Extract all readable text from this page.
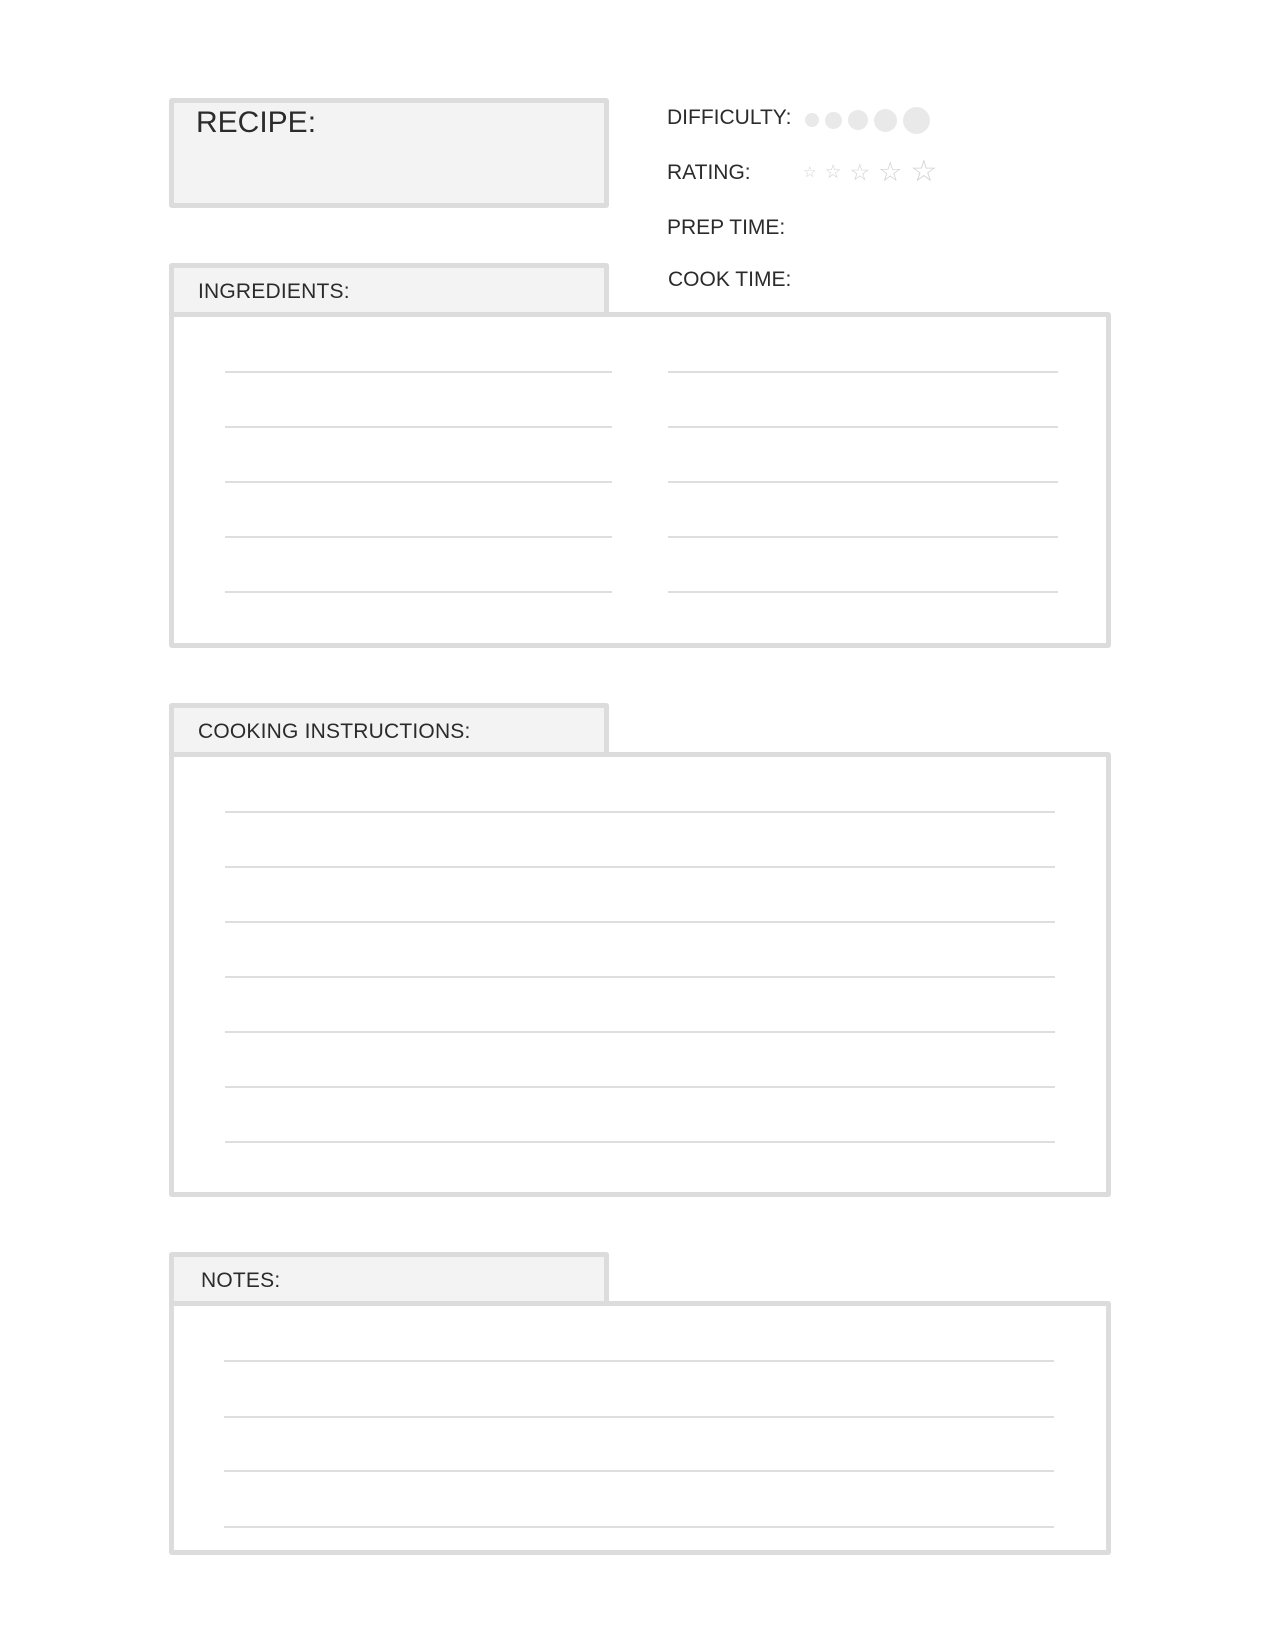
RECIPE:	DIFFICULTY:
RATING:	☆ ☆ ☆ ☆ ☆
PREP TIME:
COOK TIME:
INGREDIENTS:
COOKING INSTRUCTIONS:
NOTES:
